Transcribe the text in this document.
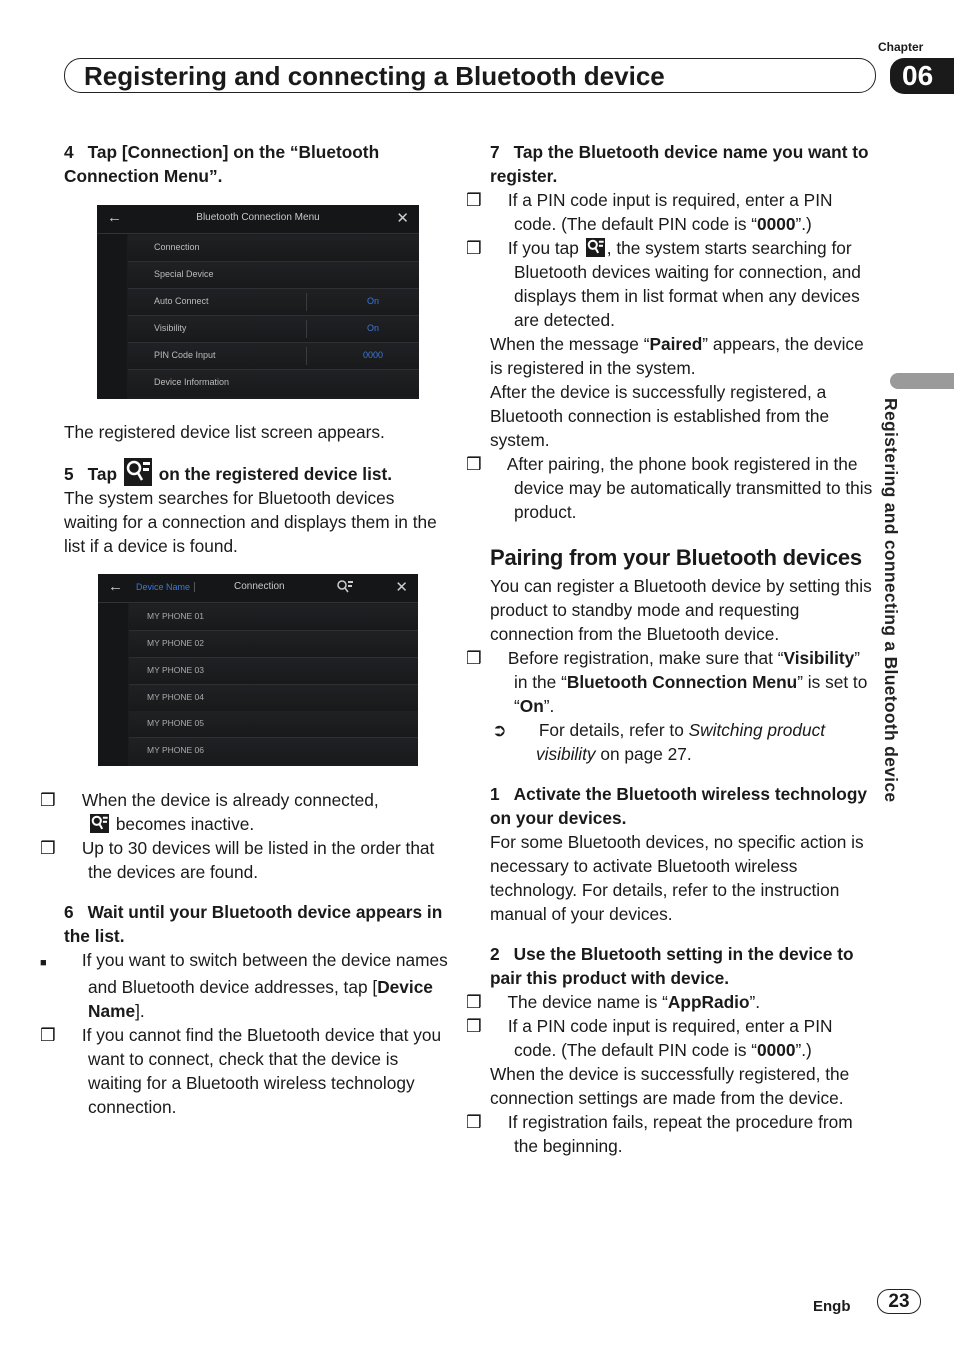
Chapter
06
Registering and connecting a Bluetooth device
Registering and connecting a Bluetooth device
←	Bluetooth Connection Menu	✕
Connection
Special Device
Auto Connect	On
Visibility	On
PIN Code Input	0000
Device Information
← Device Name	Connection	✕
MY PHONE 01
MY PHONE 02
MY PHONE 03
MY PHONE 04
MY PHONE 05
MY PHONE 06

4 Tap [Connection] on the “Bluetooth Connection Menu”.

The registered device list screen appears.

5 Tap on the registered device list.

The system searches for Bluetooth devices waiting for a connection and displays them in the list if a device is found.

❒ When the device is already connected,

becomes inactive.

❒ Up to 30 devices will be listed in the order that the devices are found.

6 Wait until your Bluetooth device appears in the list.

■ If you want to switch between the device names and Bluetooth device addresses, tap [Device Name].

❒ If you cannot find the Bluetooth device that you want to connect, check that the device is waiting for a Bluetooth wireless technology connection.

7 Tap the Bluetooth device name you want to register.

❒ If a PIN code input is required, enter a PIN code. (The default PIN code is “0000”.)

❒ If you tap , the system starts searching for Bluetooth devices waiting for connection, and displays them in list format when any devices are detected.

When the message “Paired” appears, the device is registered in the system.

After the device is successfully registered, a Bluetooth connection is established from the system.

❒ After pairing, the phone book registered in the device may be automatically transmitted to this product.

Pairing from your Bluetooth devices

You can register a Bluetooth device by setting this product to standby mode and requesting connection from the Bluetooth device.

❒ Before registration, make sure that “Visibility” in the “Bluetooth Connection Menu” is set to “On”.

➲ For details, refer to Switching product visibility on page 27.

1 Activate the Bluetooth wireless technology on your devices.

For some Bluetooth devices, no specific action is necessary to activate Bluetooth wireless technology. For details, refer to the instruction manual of your devices.

2 Use the Bluetooth setting in the device to pair this product with device.

❒ The device name is “AppRadio”.

❒ If a PIN code input is required, enter a PIN code. (The default PIN code is “0000”.)

When the device is successfully registered, the connection settings are made from the device.

❒ If registration fails, repeat the procedure from the beginning.

Engb	23
